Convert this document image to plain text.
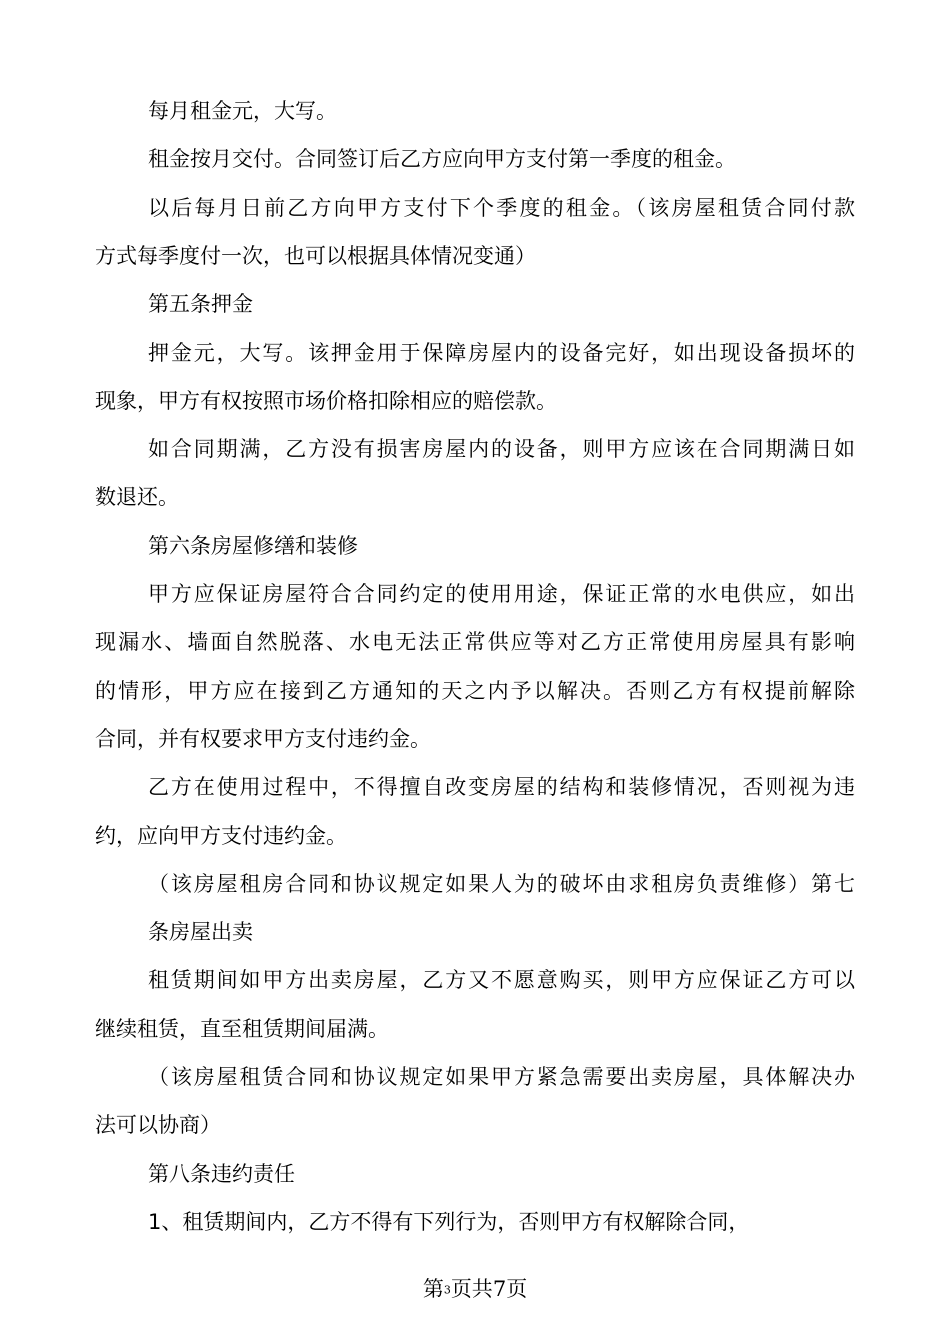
每月租金元，大写。
租金按月交付。合同签订后乙方应向甲方支付第一季度的租金。
以后每月日前乙方向甲方支付下个季度的租金。（该房屋租赁合同付款
方式每季度付一次，也可以根据具体情况变通）
第五条押金
押金元，大写。该押金用于保障房屋内的设备完好，如出现设备损坏的
现象，甲方有权按照市场价格扣除相应的赔偿款。
如合同期满，乙方没有损害房屋内的设备，则甲方应该在合同期满日如
数退还。
第六条房屋修缮和装修
甲方应保证房屋符合合同约定的使用用途，保证正常的水电供应，如出
现漏水、墙面自然脱落、水电无法正常供应等对乙方正常使用房屋具有影响
的情形，甲方应在接到乙方通知的天之内予以解决。否则乙方有权提前解除
合同，并有权要求甲方支付违约金。
乙方在使用过程中，不得擅自改变房屋的结构和装修情况，否则视为违
约，应向甲方支付违约金。
（该房屋租房合同和协议规定如果人为的破坏由求租房负责维修）第七
条房屋出卖
租赁期间如甲方出卖房屋，乙方又不愿意购买，则甲方应保证乙方可以
继续租赁，直至租赁期间届满。
（该房屋租赁合同和协议规定如果甲方紧急需要出卖房屋，具体解决办
法可以协商）
第八条违约责任
1、租赁期间内，乙方不得有下列行为，否则甲方有权解除合同，
第3页共7页
